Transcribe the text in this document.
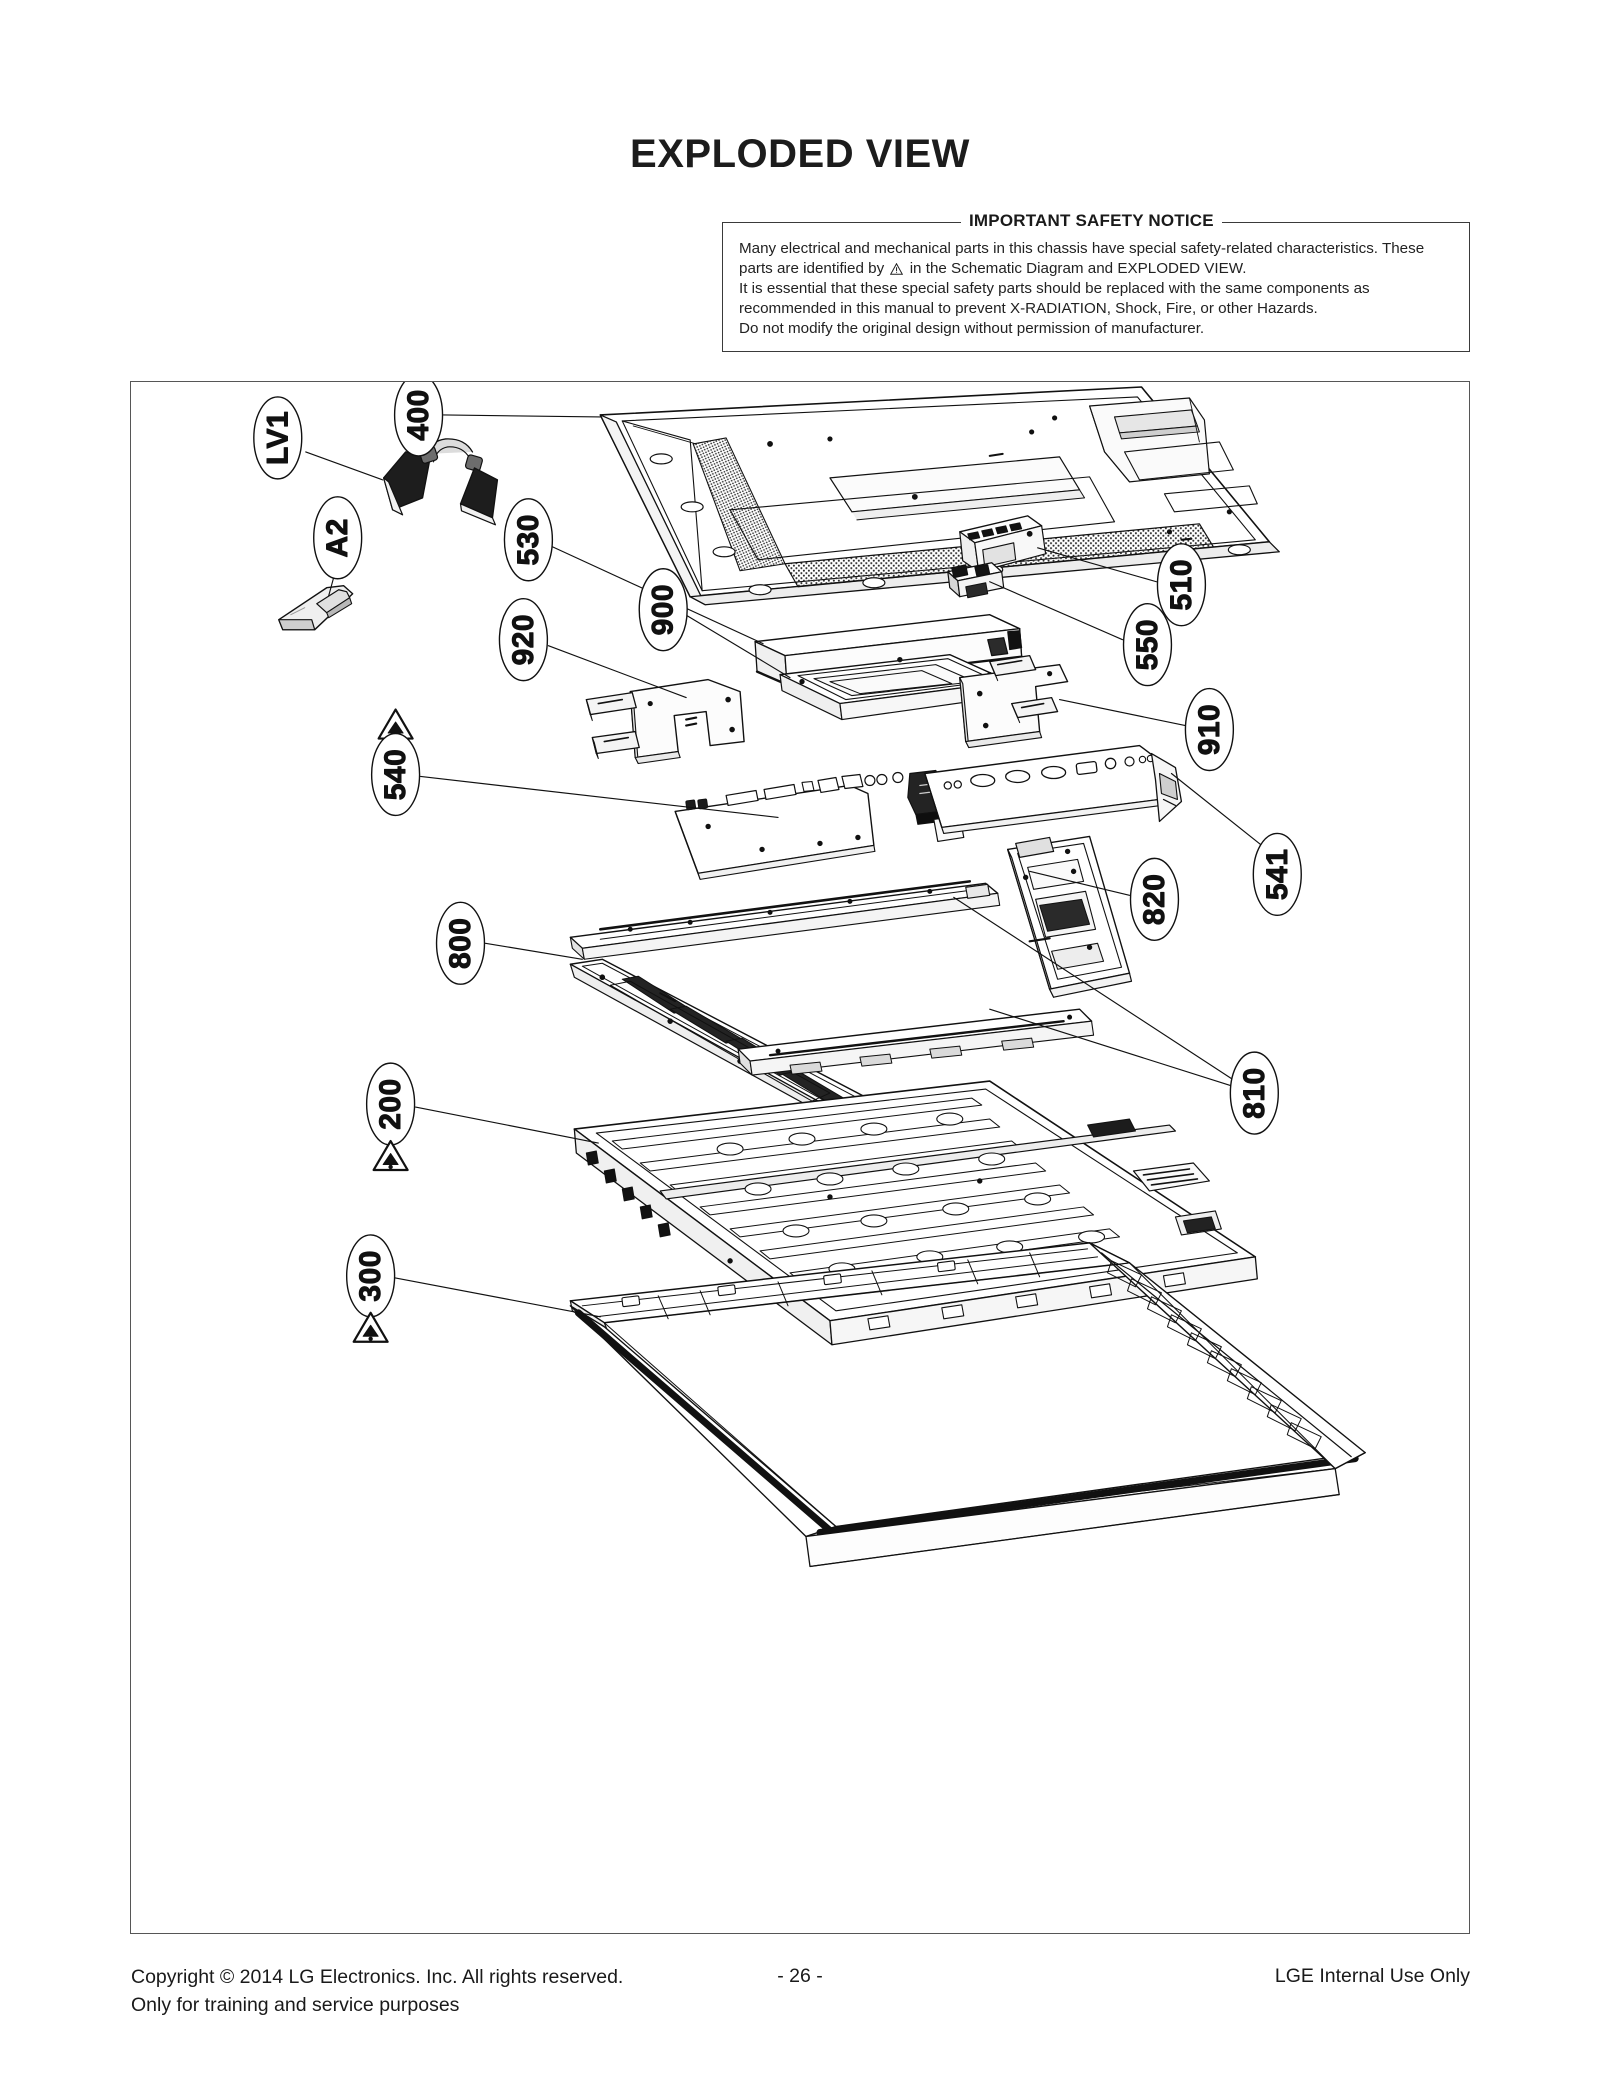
EXPLODED VIEW
IMPORTANT SAFETY NOTICE
Many electrical and mechanical parts in this chassis have special safety-related characteristics. These
parts are identified by in the Schematic Diagram and EXPLODED VIEW.
It is essential that these special safety parts should be replaced with the same components as
recommended in this manual to prevent X-RADIATION, Shock, Fire, or other Hazards.
Do not modify the original design without permission of manufacturer.
LV1	400
A2	530
510
550
900
920
910
540
541
820
800
810
200
300
Copyright © 2014 LG Electronics. Inc. All rights reserved.
Only for training and service purposes
- 26 -	LGE Internal Use Only
